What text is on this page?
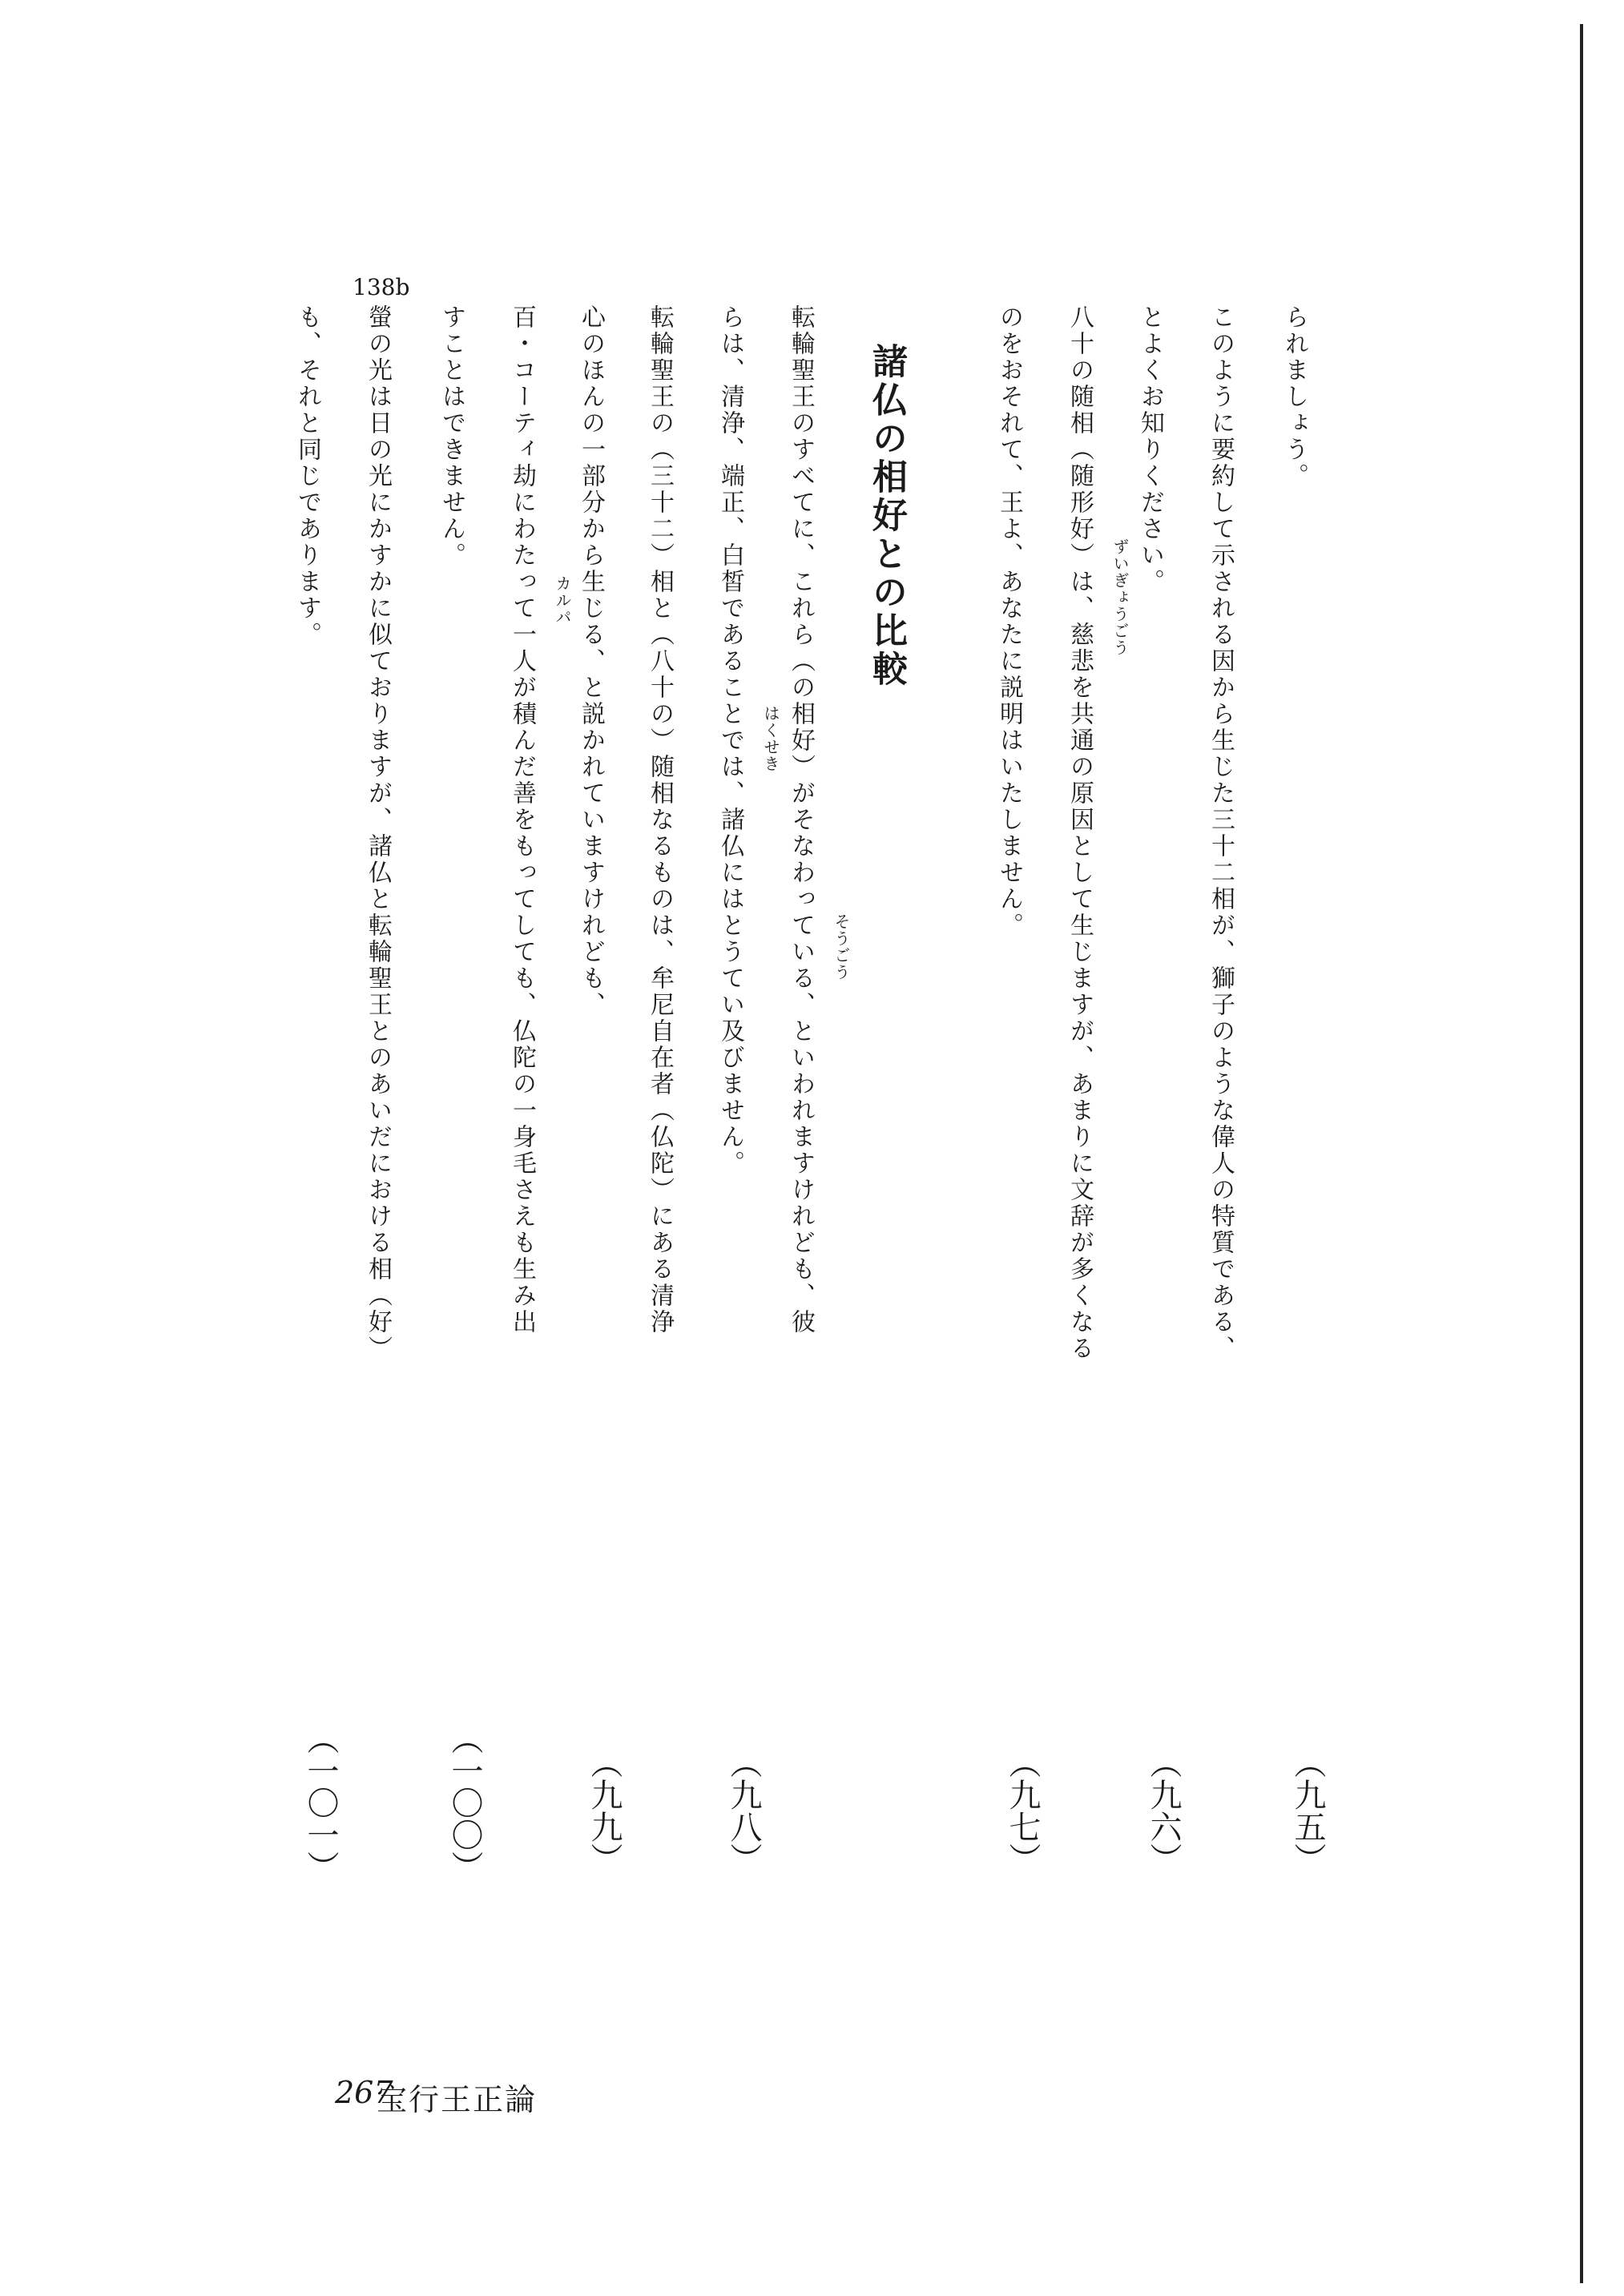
られましょう。
（九五）
このように要約して示される因から生じた三十二相が、獅子のような偉人の特質である、
とよくお知りください。
（九六）
八十の随相（随形好）は、慈悲を共通の原因として生じますが、あまりに文辞が多くなる ずいぎょうごう
のをおそれて、王よ、あなたに説明はいたしません。
（九七）
諸仏の相好との比較
転輪聖王のすべてに、これら（の相好）がそなわっている、といわれますけれども、彼 そうごう
らは、清浄、端正、白皙であることでは、諸仏にはとうてい及びません。 はくせき
（九八）
転輪聖王の（三十二）相と（八十の）随相なるものは、牟尼自在者（仏陀）にある清浄
心のほんの一部分から生じる、と説かれていますけれども、
（九九）
百・コーティ劫にわたって一人が積んだ善をもってしても、仏陀の一身毛さえも生み出 カルパ
すことはできません。
（一〇〇）
138b
螢の光は日の光にかすかに似ておりますが、諸仏と転輪聖王とのあいだにおける相（好）
も、それと同じであります。
（一〇一）
267
宝行王正論
